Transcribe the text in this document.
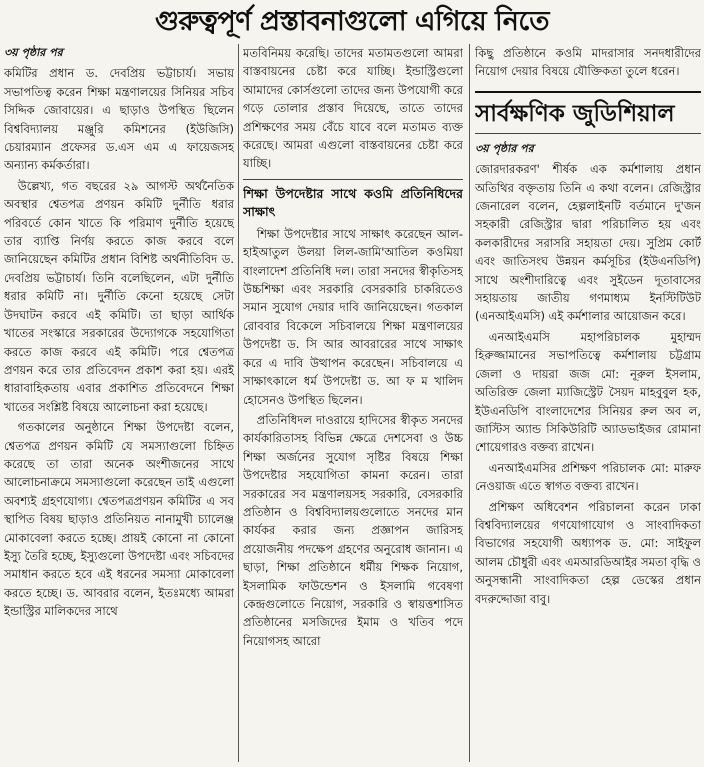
গুরুত্বপূর্ণ প্রস্তাবনাগুলো এগিয়ে নিতে
৩য় পৃষ্ঠার পর

কমিটির প্রধান ড. দেবপ্রিয় ভট্টাচার্য। সভায় সভাপতিত্ব করেন শিক্ষা মন্ত্রণালয়ের সিনিয়র সচিব সিদ্দিক জোবায়ের। এ ছাড়াও উপস্থিত ছিলেন বিশ্ববিদ্যালয় মঞ্জুরি কমিশনের (ইউজিসি) চেয়ারম্যান প্রফেসর ড.এস এম এ ফায়েজসহ অন্যান্য কর্মকর্তারা।

উল্লেখ্য, গত বছরের ২৯ আগস্ট অর্থনৈতিক অবস্থার শ্বেতপত্র প্রণয়ন কমিটি দুর্নীতি ধরার পরিবর্তে কোন খাতে কি পরিমাণ দুর্নীতি হয়েছে তার ব্যাপ্তি নির্ণয় করতে কাজ করবে বলে জানিয়েছেন কমিটির প্রধান বিশিষ্ট অর্থনীতিবিদ ড. দেবপ্রিয় ভট্টাচার্য। তিনি বলেছিলেন, এটা দুর্নীতি ধরার কমিটি না। দুর্নীতি কেনো হয়েছে সেটা উদঘাটন করবে এই কমিটি। তা ছাড়া আর্থিক খাতের সংস্কারে সরকারের উদ্যোগকে সহযোগিতা করতে কাজ করবে এই কমিটি। পরে শ্বেতপত্র প্রণয়ন করে তার প্রতিবেদন প্রকাশ করা হয়। এরই ধারাবাহিকতায় এবার প্রকাশিত প্রতিবেদনে শিক্ষা খাতের সংশ্লিষ্ট বিষয়ে আলোচনা করা হয়েছে।

গতকালের অনুষ্ঠানে শিক্ষা উপদেষ্টা বলেন, শ্বেতপত্র প্রণয়ন কমিটি যে সমস্যাগুলো চিহ্নিত করেছে তা তারা অনেক অংশীজনের সাথে আলোচনাক্রমে সমস্যাগুলো করেছেন তাই এগুলো অবশ্যই গ্রহণযোগ্য। শ্বেতপত্রপ্রণয়ন কমিটির এ সব স্থাপিত বিষয় ছাড়াও প্রতিনিয়ত নানামুখী চ্যালেঞ্জ মোকাবেলা করতে হচ্ছে। প্রায়ই কোনো না কোনো ইস্যু তৈরি হচ্ছে, ইস্যুগুলো উপদেষ্টা এবং সচিবদের সমাধান করতে হবে এই ধরনের সমস্যা মোকাবেলা করতে হচ্ছে। ড. আবরার বলেন, ইতঃমধ্যে আমরা ইন্ডাস্ট্রির মালিকদের সাথে

মতবিনিময় করেছি। তাদের মতামতগুলো আমরা বাস্তবায়নের চেষ্টা করে যাচ্ছি। ইন্ডাস্ট্রিগুলো আমাদের কোর্সগুলো তাদের জন্য উপযোগী করে গড়ে তোলার প্রস্তাব দিয়েছে, তাতে তাদের প্রশিক্ষণের সময় বেঁচে যাবে বলে মতামত ব্যক্ত করেছে। আমরা এগুলো বাস্তবায়নের চেষ্টা করে যাচ্ছি।

শিক্ষা উপদেষ্টার সাথে কওমি প্রতিনিধিদের সাক্ষাৎ

শিক্ষা উপদেষ্টার সাথে সাক্ষাৎ করেছেন আল-হাইআতুল উলয়া লিল-জামি'আতিল কওমিয়া বাংলাদেশ প্রতিনিধি দল। তারা সনদের স্বীকৃতিসহ উচ্চশিক্ষা এবং সরকারি বেসরকারি চাকরিতেও সমান সুযোগ দেয়ার দাবি জানিয়েছেন। গতকাল রোববার বিকেলে সচিবালয়ে শিক্ষা মন্ত্রণালয়ের উপদেষ্টা ড. সি আর আবরারের সাথে সাক্ষাৎ করে এ দাবি উত্থাপন করেছেন। সচিবালয়ে এ সাক্ষাৎকালে ধর্ম উপদেষ্টা ড. আ ফ ম খালিদ হোসেনও উপস্থিত ছিলেন।

প্রতিনিধিদল দাওরায়ে হাদিসের স্বীকৃত সনদের কার্যকারিতাসহ বিভিন্ন ক্ষেত্রে দেশসেবা ও উচ্চ শিক্ষা অর্জনের সুযোগ সৃষ্টির বিষয়ে শিক্ষা উপদেষ্টার সহযোগিতা কামনা করেন। তারা সরকারের সব মন্ত্রণালয়সহ সরকারি, বেসরকারি প্রতিষ্ঠান ও বিশ্ববিদ্যালয়গুলোতে সনদের মান কার্যকর করার জন্য প্রজ্ঞাপন জারিসহ প্রয়োজনীয় পদক্ষেপ গ্রহণের অনুরোধ জানান। এ ছাড়া, শিক্ষা প্রতিষ্ঠানে ধর্মীয় শিক্ষক নিয়োগ, ইসলামিক ফাউন্ডেশন ও ইসলামি গবেষণা কেন্দ্রগুলোতে নিয়োগ, সরকারি ও স্বায়ত্তশাসিত প্রতিষ্ঠানের মসজিদের ইমাম ও খতিব পদে নিয়োগসহ আরো

কিছু প্রতিষ্ঠানে কওমি মাদরাসার সনদধারীদের নিয়োগ দেয়ার বিষয়ে যৌক্তিকতা তুলে ধরেন।

সার্বক্ষণিক জুডিশিয়াল
৩য় পৃষ্ঠার পর

জোরদারকরণ' শীর্ষক এক কর্মশালায় প্রধান অতিথির বক্তৃতায় তিনি এ কথা বলেন। রেজিস্ট্রার জেনারেল বলেন, হেল্পলাইনটি বর্তমানে দু'জন সহকারী রেজিস্ট্রার দ্বারা পরিচালিত হয় এবং কলকারীদের সরাসরি সহায়তা দেয়। সুপ্রিম কোর্ট এবং জাতিসংঘ উন্নয়ন কর্মসূচির (ইউএনডিপি) সাথে অংশীদারিত্বে এবং সুইডেন দূতাবাসের সহায়তায় জাতীয় গণমাধ্যম ইনস্টিটিউট (এনআইএমসি) এই কর্মশালার আয়োজন করে।

এনআইএমসি মহাপরিচালক মুহাম্মদ হিরুজ্জামানের সভাপতিত্বে কর্মশালায় চট্টগ্রাম জেলা ও দায়রা জজ মো: নূরুল ইসলাম, অতিরিক্ত জেলা ম্যাজিস্ট্রেট সৈয়দ মাহবুবুল হক, ইউএনডিপি বাংলাদেশের সিনিয়র রুল অব ল, জাস্টিস অ্যান্ড সিকিউরিটি অ্যাডভাইজর রোমানা শোয়েগারও বক্তব্য রাখেন।

এনআইএমসির প্রশিক্ষণ পরিচালক মো: মারুফ নেওয়াজ এতে স্বাগত বক্তব্য রাখেন।

প্রশিক্ষণ অধিবেশন পরিচালনা করেন ঢাকা বিশ্ববিদ্যালয়ের গণযোগাযোগ ও সাংবাদিকতা বিভাগের সহযোগী অধ্যাপক ড. মো: সাইফুল আলম চৌধুরী এবং এমআরডিআইর সমতা বৃদ্ধি ও অনুসন্ধানী সাংবাদিকতা হেল্প ডেস্কের প্রধান বদরুদ্দোজা বাবু।
